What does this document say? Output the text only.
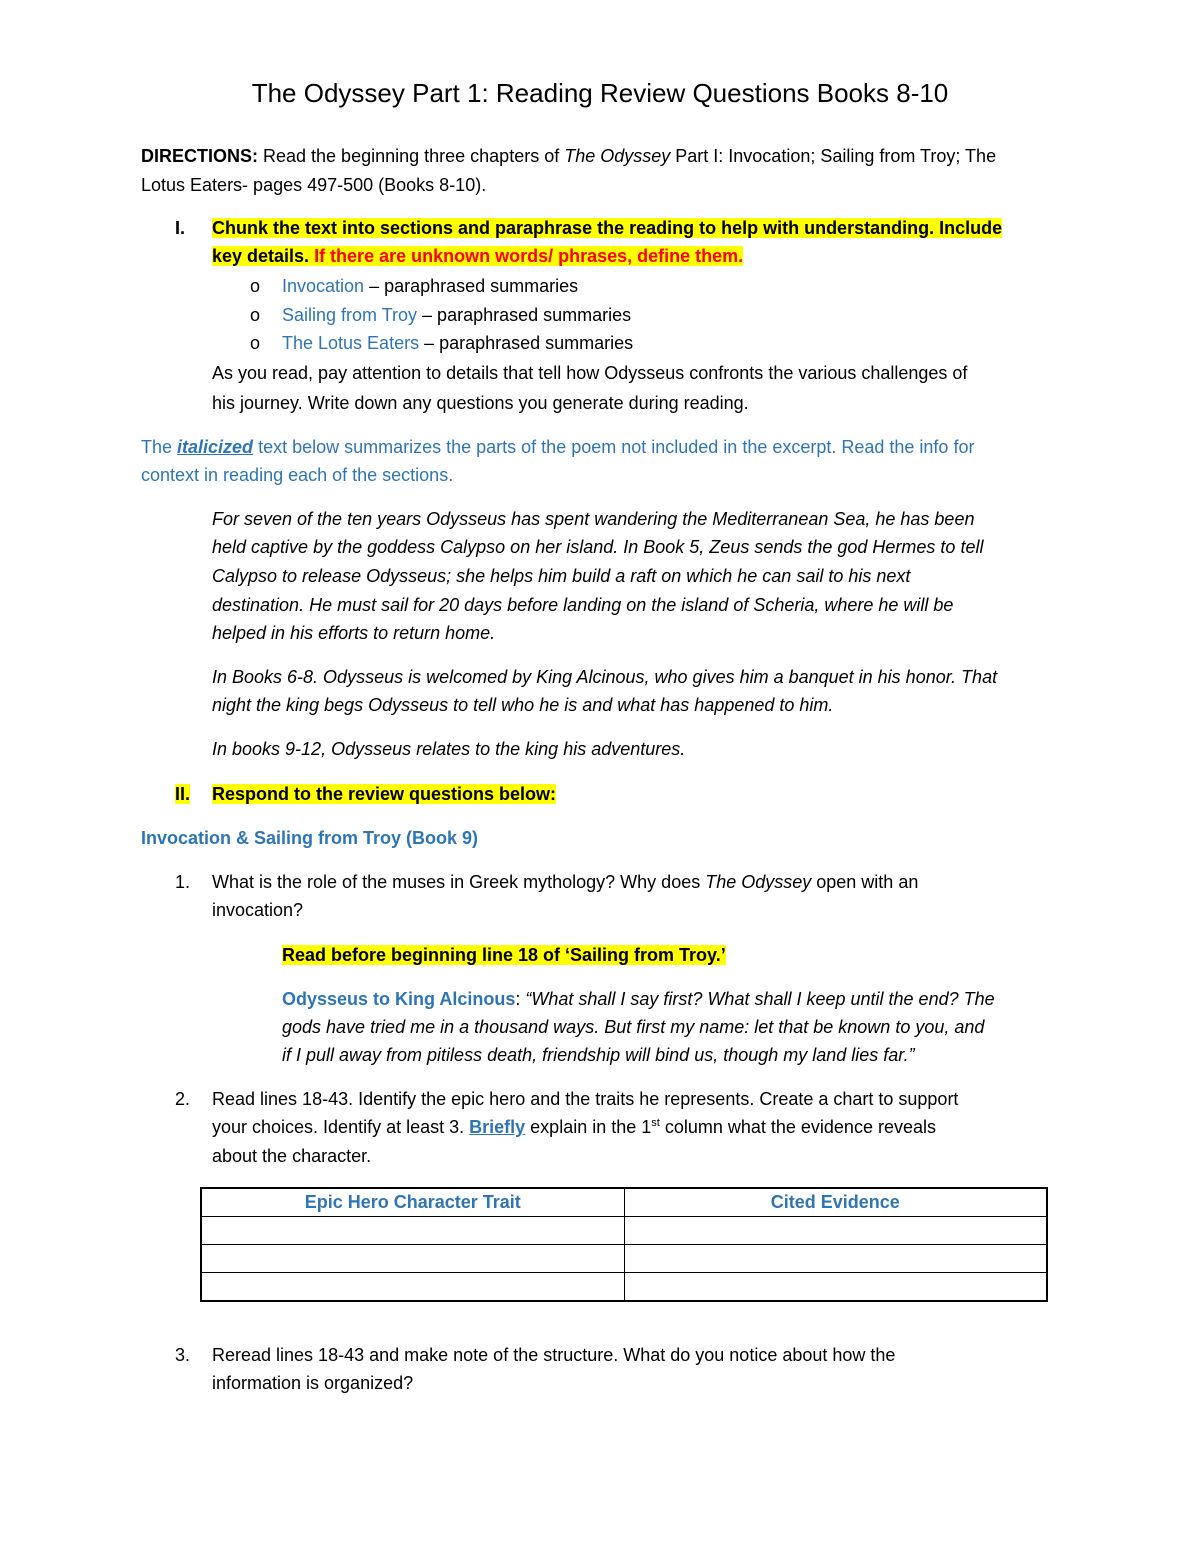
The Odyssey Part 1: Reading Review Questions Books 8-10
DIRECTIONS: Read the beginning three chapters of The Odyssey Part I: Invocation; Sailing from Troy; The
Lotus Eaters- pages 497-500 (Books 8-10).
I. Chunk the text into sections and paraphrase the reading to help with understanding. Include
key details. If there are unknown words/ phrases, define them.
o Invocation – paraphrased summaries
o Sailing from Troy – paraphrased summaries
o The Lotus Eaters – paraphrased summaries
As you read, pay attention to details that tell how Odysseus confronts the various challenges of
his journey. Write down any questions you generate during reading.
The italicized text below summarizes the parts of the poem not included in the excerpt. Read the info for
context in reading each of the sections.
For seven of the ten years Odysseus has spent wandering the Mediterranean Sea, he has been
held captive by the goddess Calypso on her island. In Book 5, Zeus sends the god Hermes to tell
Calypso to release Odysseus; she helps him build a raft on which he can sail to his next
destination. He must sail for 20 days before landing on the island of Scheria, where he will be
helped in his efforts to return home.
In Books 6-8. Odysseus is welcomed by King Alcinous, who gives him a banquet in his honor. That
night the king begs Odysseus to tell who he is and what has happened to him.
In books 9-12, Odysseus relates to the king his adventures.
II. Respond to the review questions below:
Invocation & Sailing from Troy (Book 9)
1. What is the role of the muses in Greek mythology? Why does The Odyssey open with an
invocation?
Read before beginning line 18 of ‘Sailing from Troy.’
Odysseus to King Alcinous: “What shall I say first? What shall I keep until the end? The
gods have tried me in a thousand ways. But first my name: let that be known to you, and
if I pull away from pitiless death, friendship will bind us, though my land lies far.”
2. Read lines 18-43. Identify the epic hero and the traits he represents. Create a chart to support
your choices. Identify at least 3. Briefly explain in the 1st column what the evidence reveals
about the character.
Epic Hero Character Trait	Cited Evidence

3. Reread lines 18-43 and make note of the structure. What do you notice about how the
information is organized?
